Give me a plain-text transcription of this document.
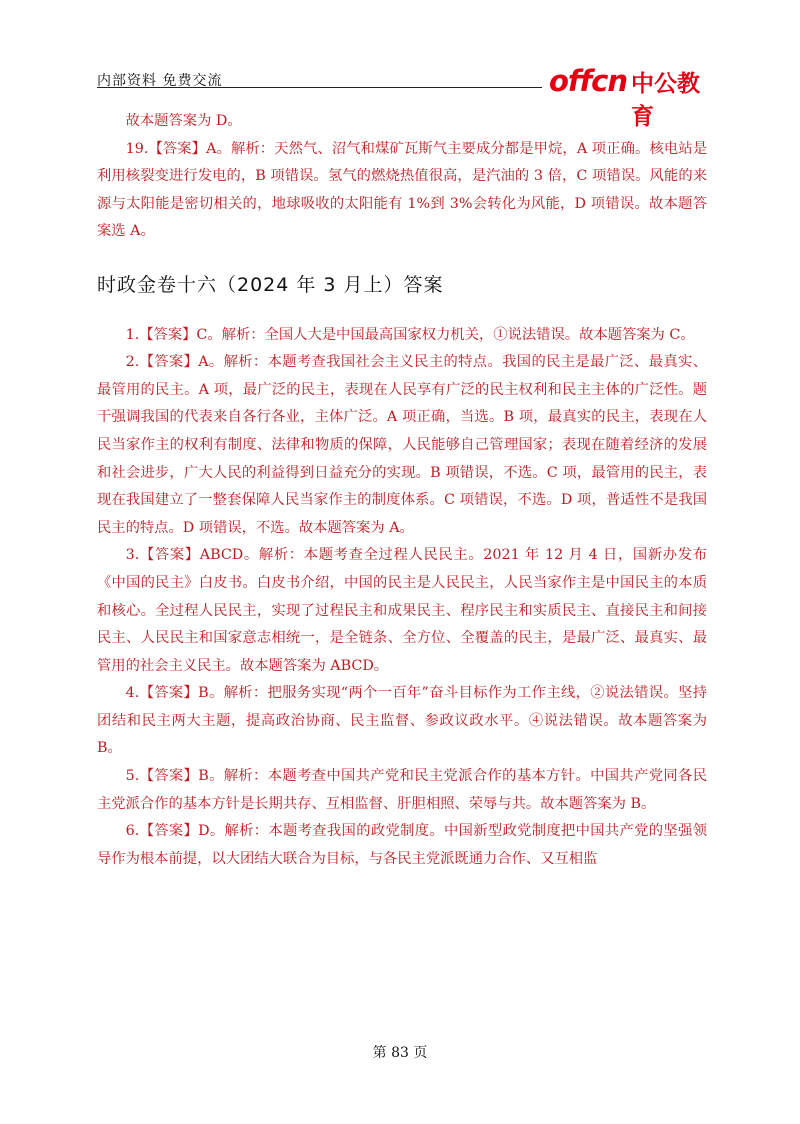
内部资料 免费交流	offcn 中公教育

故本题答案为 D。

19.【答案】A。解析：天然气、沼气和煤矿瓦斯气主要成分都是甲烷，A 项正确。核电站是利用核裂变进行发电的，B 项错误。氢气的燃烧热值很高，是汽油的 3 倍，C 项错误。风能的来源与太阳能是密切相关的，地球吸收的太阳能有 1%到 3%会转化为风能，D 项错误。故本题答案选 A。

时政金卷十六（2024 年 3 月上）答案

1.【答案】C。解析：全国人大是中国最高国家权力机关，①说法错误。故本题答案为 C。

2.【答案】A。解析：本题考查我国社会主义民主的特点。我国的民主是最广泛、最真实、最管用的民主。A 项，最广泛的民主，表现在人民享有广泛的民主权利和民主主体的广泛性。题干强调我国的代表来自各行各业，主体广泛。A 项正确，当选。B 项，最真实的民主，表现在人民当家作主的权利有制度、法律和物质的保障，人民能够自己管理国家；表现在随着经济的发展和社会进步，广大人民的利益得到日益充分的实现。B 项错误，不选。C 项，最管用的民主，表现在我国建立了一整套保障人民当家作主的制度体系。C 项错误，不选。D 项，普适性不是我国民主的特点。D 项错误，不选。故本题答案为 A。

3.【答案】ABCD。解析：本题考查全过程人民民主。2021 年 12 月 4 日，国新办发布《中国的民主》白皮书。白皮书介绍，中国的民主是人民民主，人民当家作主是中国民主的本质和核心。全过程人民民主，实现了过程民主和成果民主、程序民主和实质民主、直接民主和间接民主、人民民主和国家意志相统一，是全链条、全方位、全覆盖的民主，是最广泛、最真实、最管用的社会主义民主。故本题答案为 ABCD。

4.【答案】B。解析：把服务实现“两个一百年”奋斗目标作为工作主线，②说法错误。坚持团结和民主两大主题，提高政治协商、民主监督、参政议政水平。④说法错误。故本题答案为 B。

5.【答案】B。解析：本题考查中国共产党和民主党派合作的基本方针。中国共产党同各民主党派合作的基本方针是长期共存、互相监督、肝胆相照、荣辱与共。故本题答案为 B。

6.【答案】D。解析：本题考查我国的政党制度。中国新型政党制度把中国共产党的坚强领导作为根本前提，以大团结大联合为目标，与各民主党派既通力合作、又互相监

第 83 页
